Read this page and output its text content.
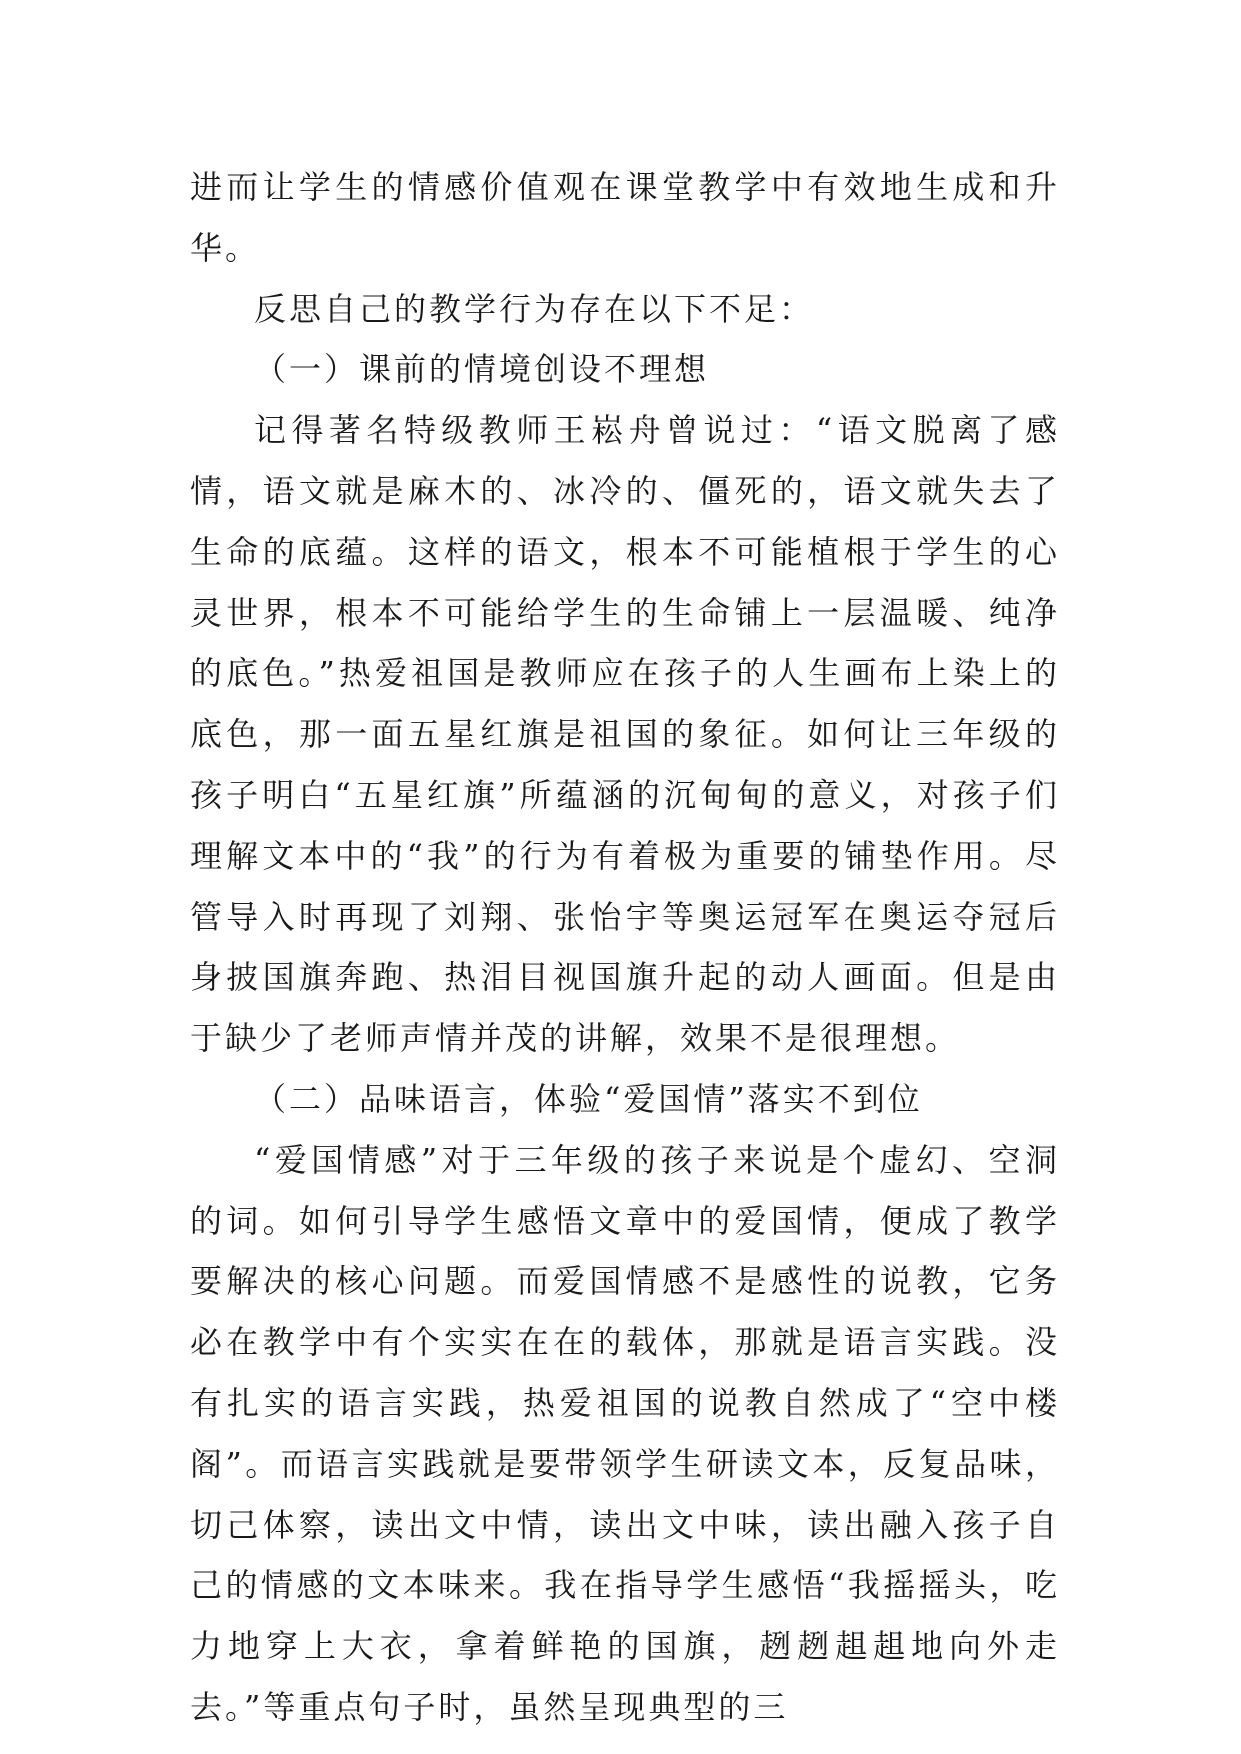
进而让学生的情感价值观在课堂教学中有效地生成和升华。

反思自己的教学行为存在以下不足：

（一）课前的情境创设不理想

记得著名特级教师王崧舟曾说过：“语文脱离了感情，语文就是麻木的、冰冷的、僵死的，语文就失去了生命的底蕴。这样的语文，根本不可能植根于学生的心灵世界，根本不可能给学生的生命铺上一层温暖、纯净的底色。”热爱祖国是教师应在孩子的人生画布上染上的底色，那一面五星红旗是祖国的象征。如何让三年级的孩子明白“五星红旗”所蕴涵的沉甸甸的意义，对孩子们理解文本中的“我”的行为有着极为重要的铺垫作用。尽管导入时再现了刘翔、张怡宇等奥运冠军在奥运夺冠后身披国旗奔跑、热泪目视国旗升起的动人画面。但是由于缺少了老师声情并茂的讲解，效果不是很理想。

（二）品味语言，体验“爱国情”落实不到位

“爱国情感”对于三年级的孩子来说是个虚幻、空洞的词。如何引导学生感悟文章中的爱国情，便成了教学要解决的核心问题。而爱国情感不是感性的说教，它务必在教学中有个实实在在的载体，那就是语言实践。没有扎实的语言实践，热爱祖国的说教自然成了“空中楼阁”。而语言实践就是要带领学生研读文本，反复品味，切己体察，读出文中情，读出文中味，读出融入孩子自己的情感的文本味来。我在指导学生感悟“我摇摇头，吃力地穿上大衣，拿着鲜艳的国旗，趔趔趄趄地向外走去。”等重点句子时，虽然呈现典型的三
